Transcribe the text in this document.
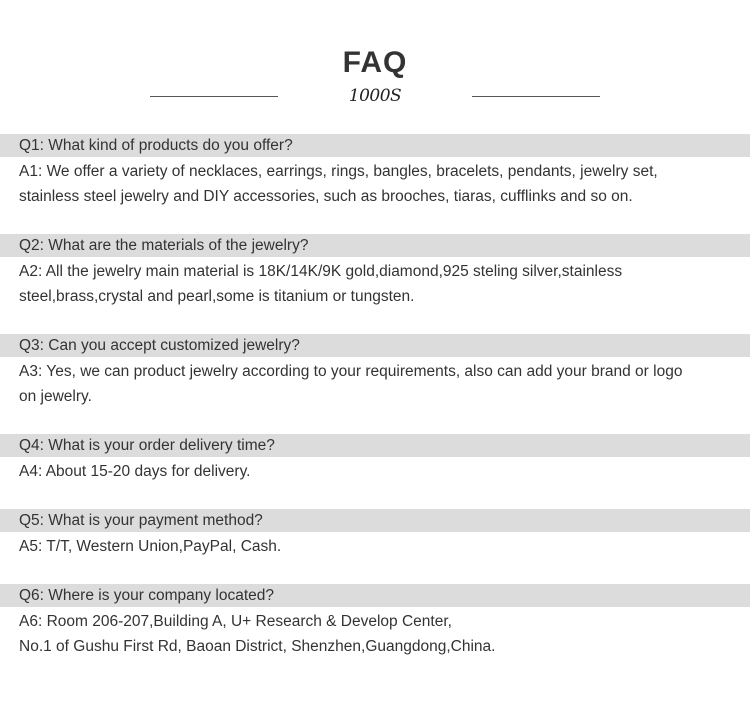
FAQ
1000S
Q1: What kind of products do you offer?
A1: We offer a variety of necklaces, earrings, rings, bangles, bracelets, pendants, jewelry set,
stainless steel jewelry and DIY accessories, such as brooches, tiaras, cufflinks and so on.
Q2: What are the materials of the jewelry?
A2: All the jewelry main material is 18K/14K/9K gold,diamond,925 steling silver,stainless
steel,brass,crystal and pearl,some is titanium or tungsten.
Q3: Can you accept customized jewelry?
A3: Yes, we can product jewelry according to your requirements, also can add your brand or logo
on jewelry.
Q4: What is your order delivery time?
A4: About 15-20 days for delivery.
Q5: What is your payment method?
A5: T/T, Western Union,PayPal, Cash.
Q6: Where is your company located?
A6: Room 206-207,Building A, U+ Research & Develop Center,
No.1 of Gushu First Rd, Baoan District, Shenzhen,Guangdong,China.
